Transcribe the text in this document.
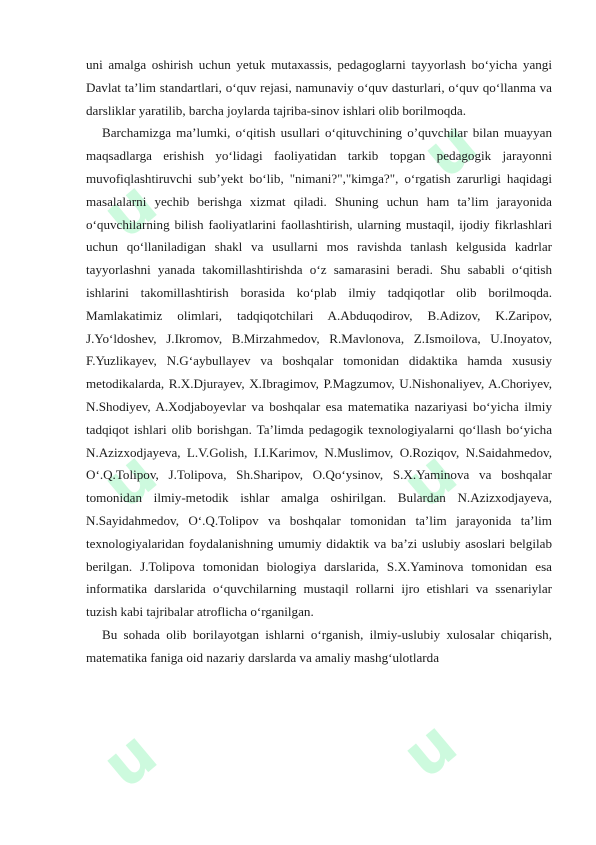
u
u
u	u
u	u

uni amalga oshirish uchun yetuk mutaxassis, pedagoglarni tayyorlash bo‘yicha yangi Davlat ta’lim standartlari, o‘quv rejasi, namunaviy o‘quv dasturlari, o‘quv qo‘llanma va darsliklar yaratilib, barcha joylarda tajriba-sinov ishlari olib borilmoqda.

Barchamizga ma’lumki, o‘qitish usullari o‘qituvchining o’quvchilar bilan muayyan maqsadlarga erishish yo‘lidagi faoliyatidan tarkib topgan pedagogik jarayonni muvofiqlashtiruvchi sub’yekt bo‘lib, "nimani?","kimga?", o‘rgatish zarurligi haqidagi masalalarni yechib berishga xizmat qiladi. Shuning uchun ham ta’lim jarayonida o‘quvchilarning bilish faoliyatlarini faollashtirish, ularning mustaqil, ijodiy fikrlashlari uchun qo‘llaniladigan shakl va usullarni mos ravishda tanlash kelgusida kadrlar tayyorlashni yanada takomillashtirishda o‘z samarasini beradi. Shu sababli o‘qitish ishlarini takomillashtirish borasida ko‘plab ilmiy tadqiqotlar olib borilmoqda. Mamlakatimiz olimlari, tadqiqotchilari A.Abduqodirov, B.Adizov, K.Zaripov, J.Yo‘ldoshev, J.Ikromov, B.Mirzahmedov, R.Mavlonova, Z.Ismoilova, U.Inoyatov, F.Yuzlikayev, N.G‘aybullayev va boshqalar tomonidan didaktika hamda xususiy metodikalarda, R.X.Djurayev, X.Ibragimov, P.Magzumov, U.Nishonaliyev, A.Choriyev, N.Shodiyev, A.Xodjaboyevlar va boshqalar esa matematika nazariyasi bo‘yicha ilmiy tadqiqot ishlari olib borishgan. Ta’limda pedagogik texnologiyalarni qo‘llash bo‘yicha N.Azizxodjayeva, L.V.Golish, I.I.Karimov, N.Muslimov, O.Roziqov, N.Saidahmedov, O‘.Q.Tolipov, J.Tolipova, Sh.Sharipov, O.Qo‘ysinov, S.X.Yaminova va boshqalar tomonidan ilmiy-metodik ishlar amalga oshirilgan. Bulardan N.Azizxodjayeva, N.Sayidahmedov, O‘.Q.Tolipov va boshqalar tomonidan ta’lim jarayonida ta’lim texnologiyalaridan foydalanishning umumiy didaktik va ba’zi uslubiy asoslari belgilab berilgan. J.Tolipova tomonidan biologiya darslarida, S.X.Yaminova tomonidan esa informatika darslarida o‘quvchilarning mustaqil rollarni ijro etishlari va ssenariylar tuzish kabi tajribalar atroflicha o‘rganilgan.

Bu sohada olib borilayotgan ishlarni o‘rganish, ilmiy-uslubiy xulosalar chiqarish, matematika faniga oid nazariy darslarda va amaliy mashg‘ulotlarda
